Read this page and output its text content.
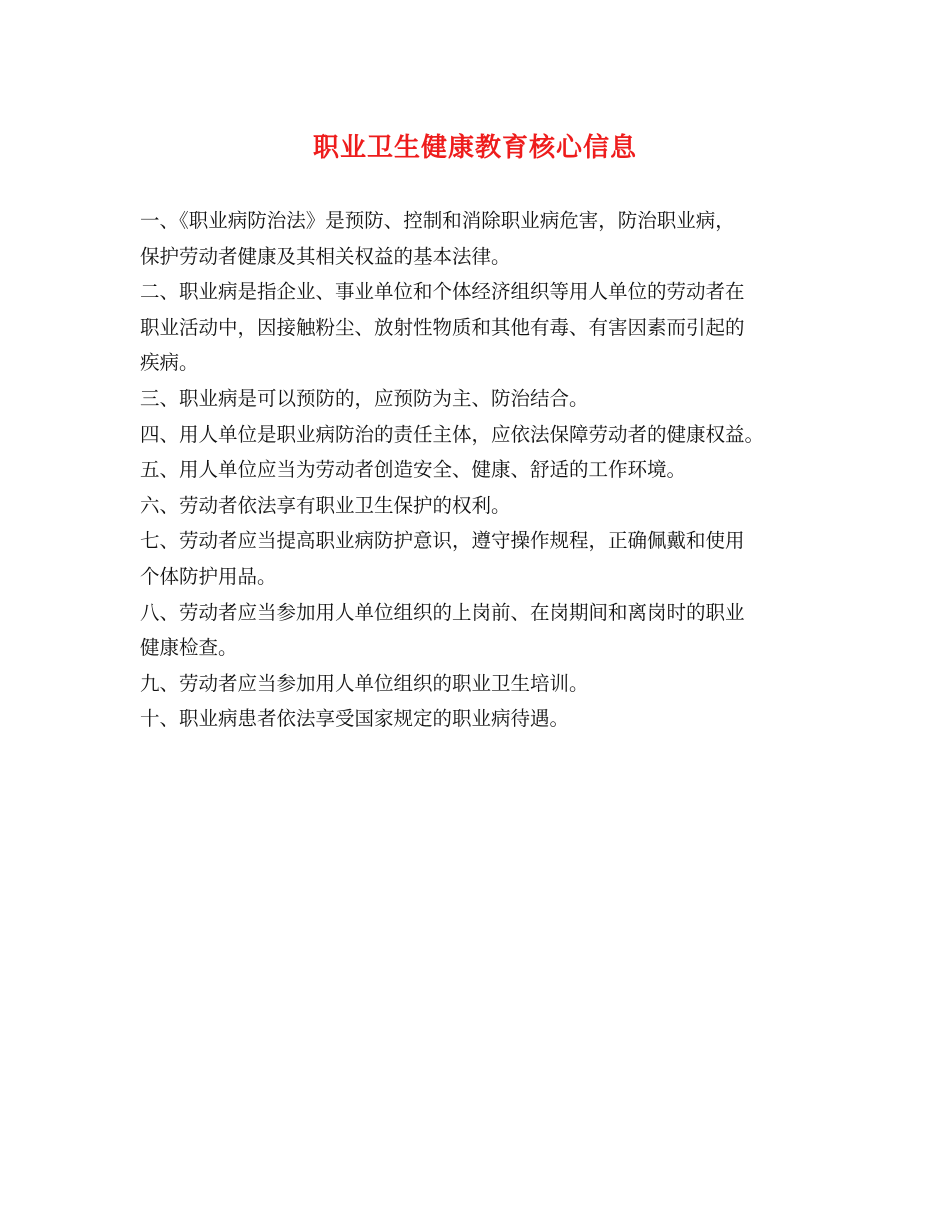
职业卫生健康教育核心信息
一、《职业病防治法》是预防、控制和消除职业病危害，防治职业病，
保护劳动者健康及其相关权益的基本法律。
二、职业病是指企业、事业单位和个体经济组织等用人单位的劳动者在
职业活动中，因接触粉尘、放射性物质和其他有毒、有害因素而引起的
疾病。
三、职业病是可以预防的，应预防为主、防治结合。
四、用人单位是职业病防治的责任主体，应依法保障劳动者的健康权益。
五、用人单位应当为劳动者创造安全、健康、舒适的工作环境。
六、劳动者依法享有职业卫生保护的权利。
七、劳动者应当提高职业病防护意识，遵守操作规程，正确佩戴和使用
个体防护用品。
八、劳动者应当参加用人单位组织的上岗前、在岗期间和离岗时的职业
健康检查。
九、劳动者应当参加用人单位组织的职业卫生培训。
十、职业病患者依法享受国家规定的职业病待遇。
